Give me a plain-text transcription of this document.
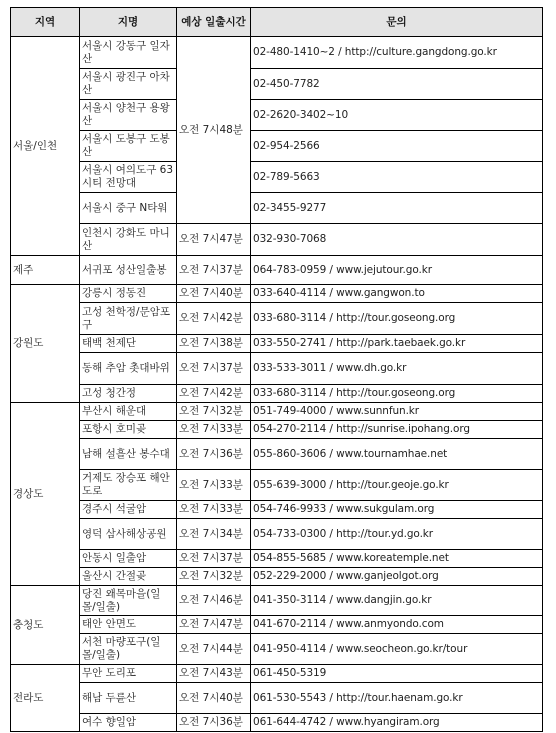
지역	지명	예상 일출시간	문의
서울/인천	서울시 강동구 일자산	오전 7시48분	02-480-1410~2 / http://culture.gangdong.go.kr
	서울시 광진구 아차산		02-450-7782
	서울시 양천구 용왕산		02-2620-3402~10
	서울시 도봉구 도봉산		02-954-2566
	서울시 여의도구 63시티 전망대		02-789-5663
	서울시 중구 N타워		02-3455-9277
	인천시 강화도 마니산	오전 7시47분	032-930-7068
제주	서귀포 성산일출봉	오전 7시37분	064-783-0959 / www.jejutour.go.kr
강원도	강릉시 정동진	오전 7시40분	033-640-4114 / www.gangwon.to
	고성 천학정/문암포구	오전 7시42분	033-680-3114 / http://tour.goseong.org
	태백 천제단	오전 7시38분	033-550-2741 / http://park.taebaek.go.kr
	동해 추암 촛대바위	오전 7시37분	033-533-3011 / www.dh.go.kr
	고성 청간정	오전 7시42분	033-680-3114 / http://tour.goseong.org
경상도	부산시 해운대	오전 7시32분	051-749-4000 / www.sunnfun.kr
	포항시 호미곶	오전 7시33분	054-270-2114 / http://sunrise.ipohang.org
	남해 설흘산 봉수대	오전 7시36분	055-860-3606 / www.tournamhae.net
	거제도 장승포 해안도로	오전 7시33분	055-639-3000 / http://tour.geoje.go.kr
	경주시 석굴암	오전 7시33분	054-746-9933 / www.sukgulam.org
	영덕 삼사해상공원	오전 7시34분	054-733-0300 / http://tour.yd.go.kr
	안동시 일출암	오전 7시37분	054-855-5685 / www.koreatemple.net
	울산시 간절곶	오전 7시32분	052-229-2000 / www.ganjeolgot.org
충청도	당진 왜목마을(일몰/일출)	오전 7시46분	041-350-3114 / www.dangjin.go.kr
	태안 안면도	오전 7시47분	041-670-2114 / www.anmyondo.com
	서천 마량포구(일몰/일출)	오전 7시44분	041-950-4114 / www.seocheon.go.kr/tour
전라도	무안 도리포	오전 7시43분	061-450-5319
	해남 두륜산	오전 7시40분	061-530-5543 / http://tour.haenam.go.kr
	여수 향일암	오전 7시36분	061-644-4742 / www.hyangiram.org
